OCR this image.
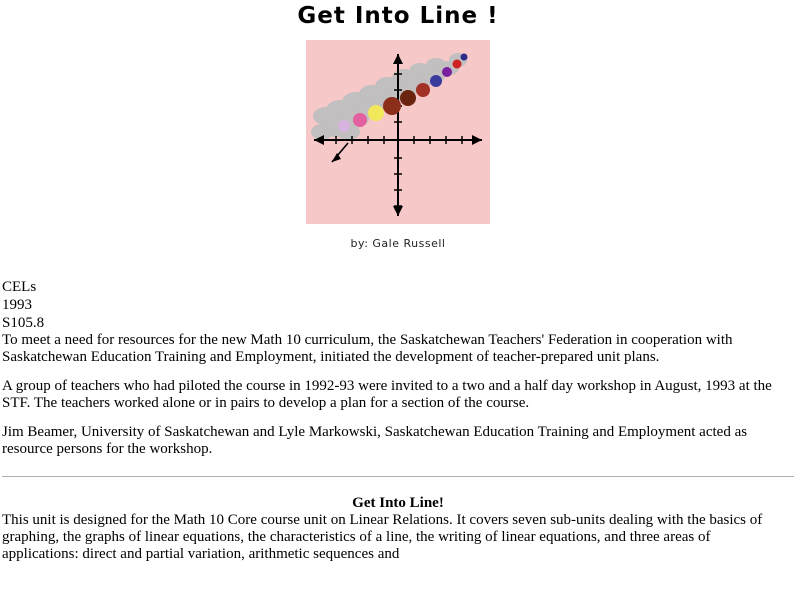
Get Into Line !
by: Gale Russell
CELs
1993
S105.8

To meet a need for resources for the new Math 10 curriculum, the Saskatchewan Teachers' Federation in cooperation with Saskatchewan Education Training and Employment, initiated the development of teacher-prepared unit plans.

A group of teachers who had piloted the course in 1992-93 were invited to a two and a half day workshop in August, 1993 at the STF. The teachers worked alone or in pairs to develop a plan for a section of the course.

Jim Beamer, University of Saskatchewan and Lyle Markowski, Saskatchewan Education Training and Employment acted as resource persons for the workshop.

Get Into Line!

This unit is designed for the Math 10 Core course unit on Linear Relations. It covers seven sub-units dealing with the basics of graphing, the graphs of linear equations, the characteristics of a line, the writing of linear equations, and three areas of applications: direct and partial variation, arithmetic sequences and
